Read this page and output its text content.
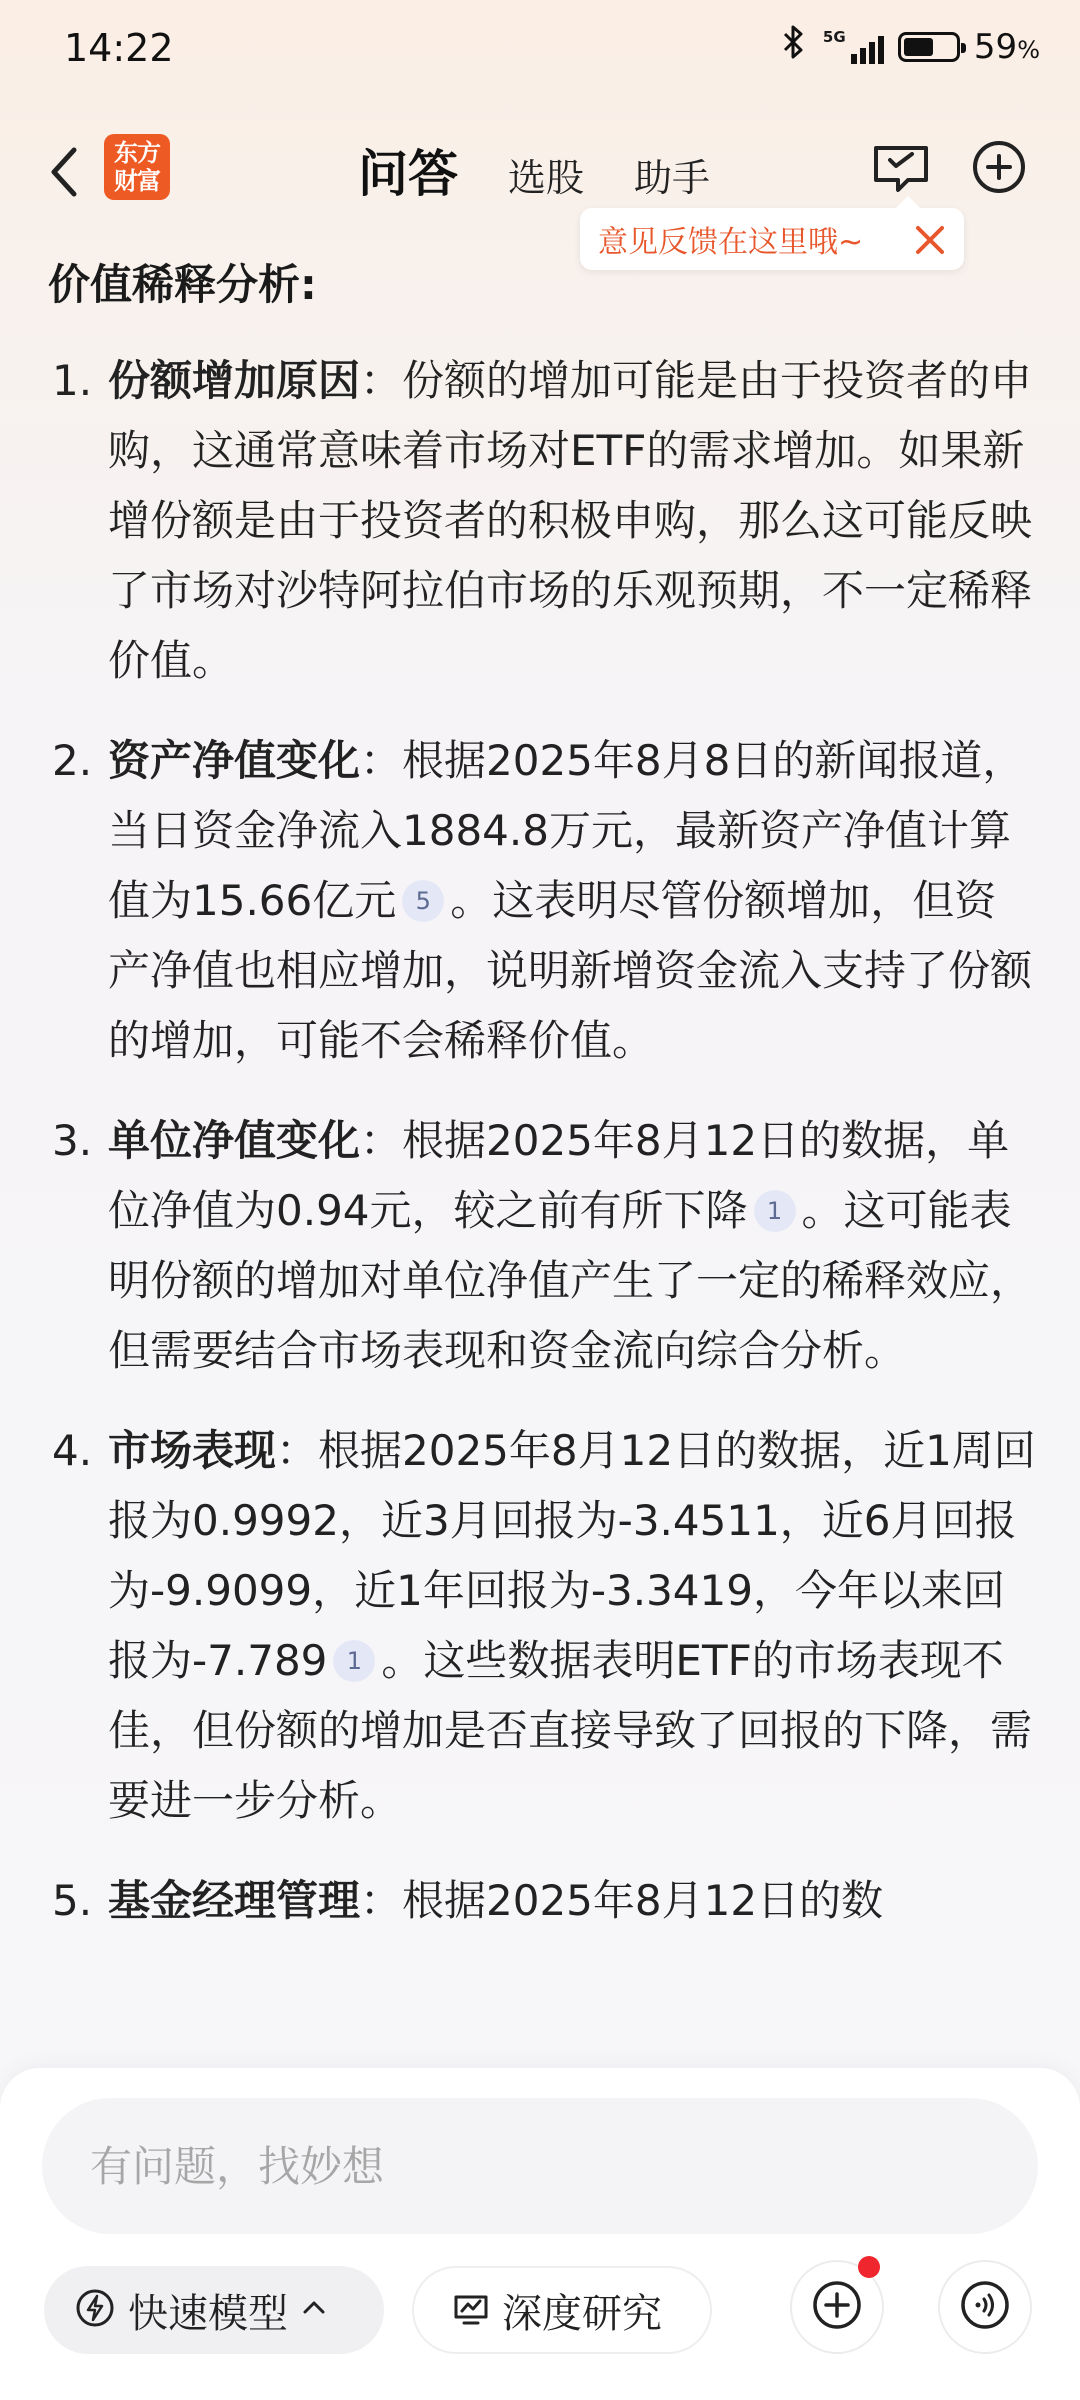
14:22	5G	59%
东方财富	问答 选股 助手
意见反馈在这里哦~
价值稀释分析:
1. 份额增加原因：份额的增加可能是由于投资者的申购，这通常意味着市场对ETF的需求增加。如果新增份额是由于投资者的积极申购，那么这可能反映了市场对沙特阿拉伯市场的乐观预期，不一定稀释价值。
2. 资产净值变化：根据2025年8月8日的新闻报道，当日资金净流入1884.8万元，最新资产净值计算值为15.66亿元 5 。这表明尽管份额增加，但资产净值也相应增加，说明新增资金流入支持了份额的增加，可能不会稀释价值。
3. 单位净值变化：根据2025年8月12日的数据，单位净值为0.94元，较之前有所下降 1 。这可能表明份额的增加对单位净值产生了一定的稀释效应，但需要结合市场表现和资金流向综合分析。
4. 市场表现：根据2025年8月12日的数据，近1周回报为0.9992，近3月回报为-3.4511，近6月回报为-9.9099，近1年回报为-3.3419，今年以来回报为-7.789 1 。这些数据表明ETF的市场表现不佳，但份额的增加是否直接导致了回报的下降，需要进一步分析。
5. 基金经理管理：根据2025年8月12日的数
有问题，找妙想
快速模型	深度研究
